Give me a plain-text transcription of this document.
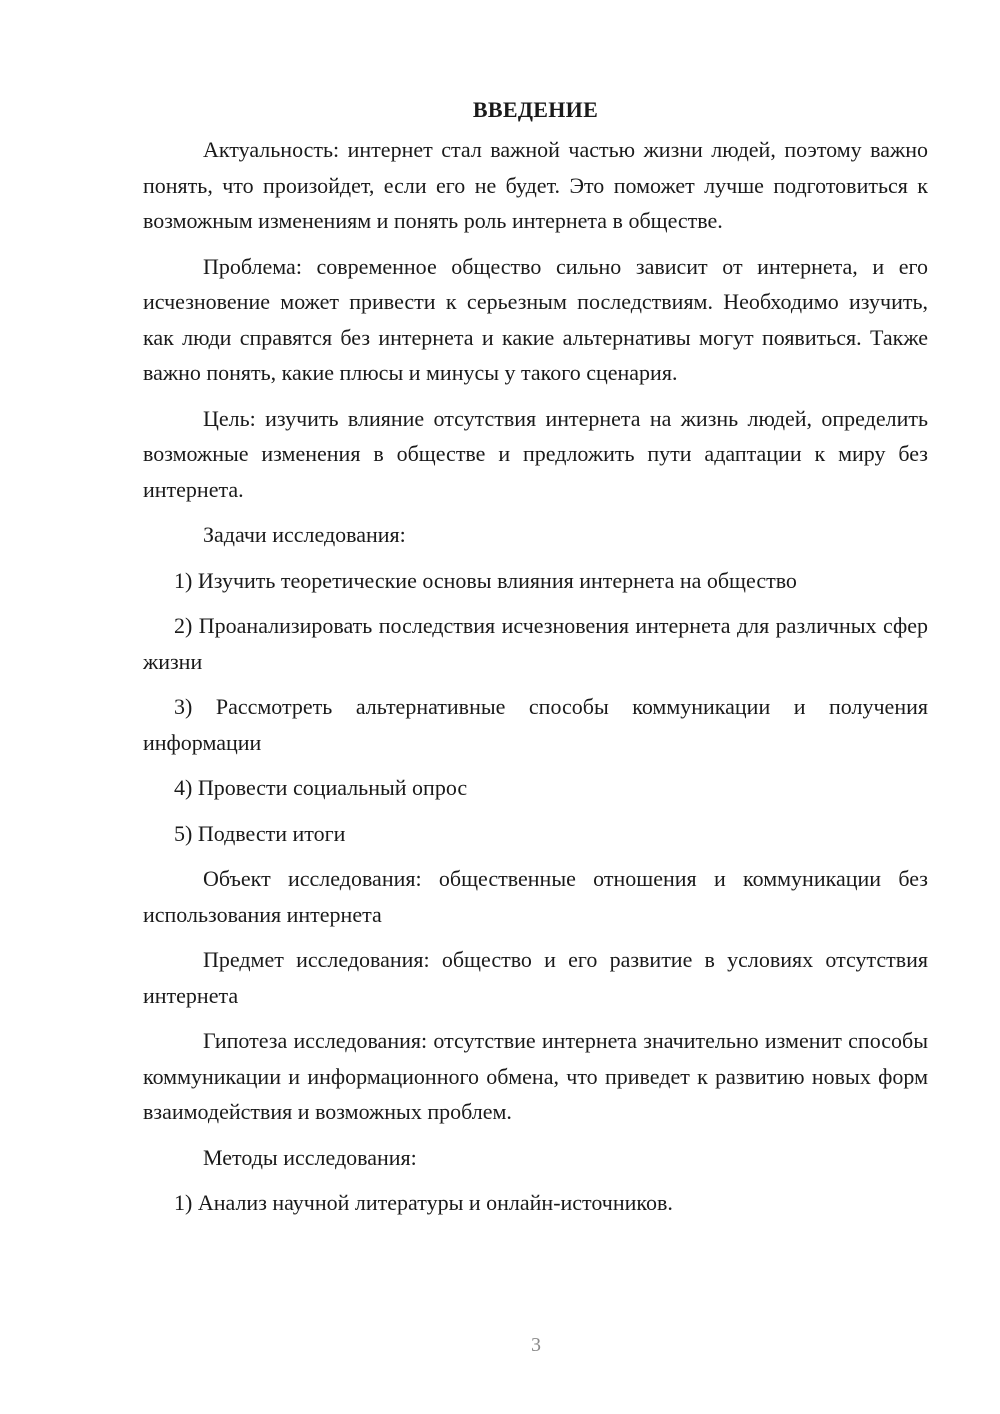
ВВЕДЕНИЕ

Актуальность: интернет стал важной частью жизни людей, поэтому важно понять, что произойдет, если его не будет. Это поможет лучше подготовиться к возможным изменениям и понять роль интернета в обществе.

Проблема: современное общество сильно зависит от интернета, и его исчезновение может привести к серьезным последствиям. Необходимо изучить, как люди справятся без интернета и какие альтернативы могут появиться. Также важно понять, какие плюсы и минусы у такого сценария.

Цель: изучить влияние отсутствия интернета на жизнь людей, определить возможные изменения в обществе и предложить пути адаптации к миру без интернета.

Задачи исследования:

1) Изучить теоретические основы влияния интернета на общество

2) Проанализировать последствия исчезновения интернета для различных сфер жизни

3) Рассмотреть альтернативные способы коммуникации и получения информации

4) Провести социальный опрос

5) Подвести итоги

Объект исследования: общественные отношения и коммуникации без использования интернета

Предмет исследования: общество и его развитие в условиях отсутствия интернета

Гипотеза исследования: отсутствие интернета значительно изменит способы коммуникации и информационного обмена, что приведет к развитию новых форм взаимодействия и возможных проблем.

Методы исследования:

1) Анализ научной литературы и онлайн-источников.

3
